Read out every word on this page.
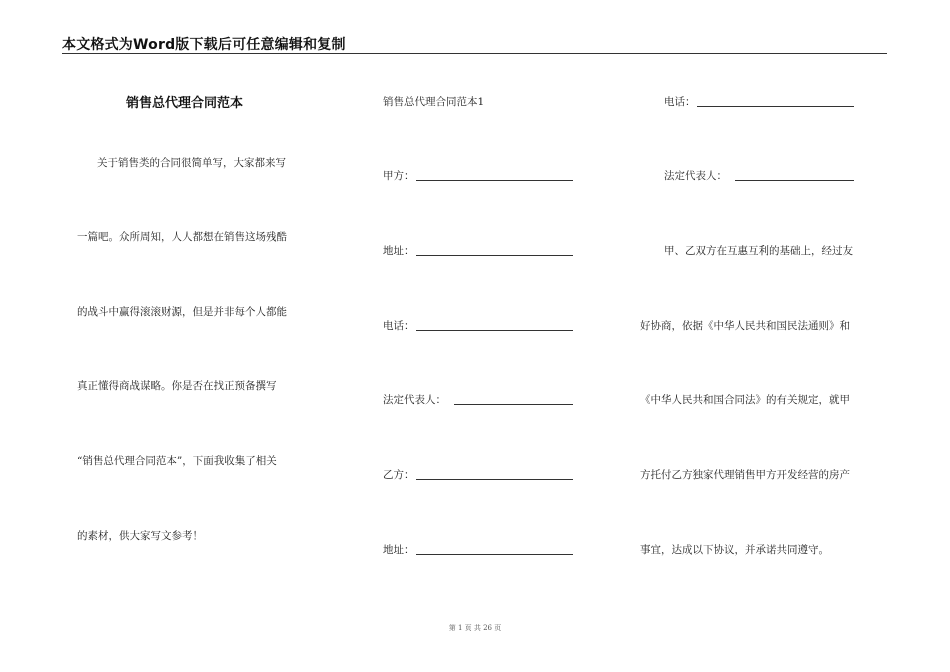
本文格式为Word版下载后可任意编辑和复制
销售总代理合同范本
关于销售类的合同很简单写，大家都来写
一篇吧。众所周知，人人都想在销售这场残酷
的战斗中赢得滚滚财源，但是并非每个人都能
真正懂得商战谋略。你是否在找正预备撰写
“销售总代理合同范本”，下面我收集了相关
的素材，供大家写文参考！
销售总代理合同范本1
甲方：
地址：
电话：
法定代表人：
乙方：
地址：
电话：
法定代表人：
甲、乙双方在互惠互利的基础上，经过友
好协商，依据《中华人民共和国民法通则》和
《中华人民共和国合同法》的有关规定，就甲
方托付乙方独家代理销售甲方开发经营的房产
事宜，达成以下协议，并承诺共同遵守。
第 1 页 共 26 页
